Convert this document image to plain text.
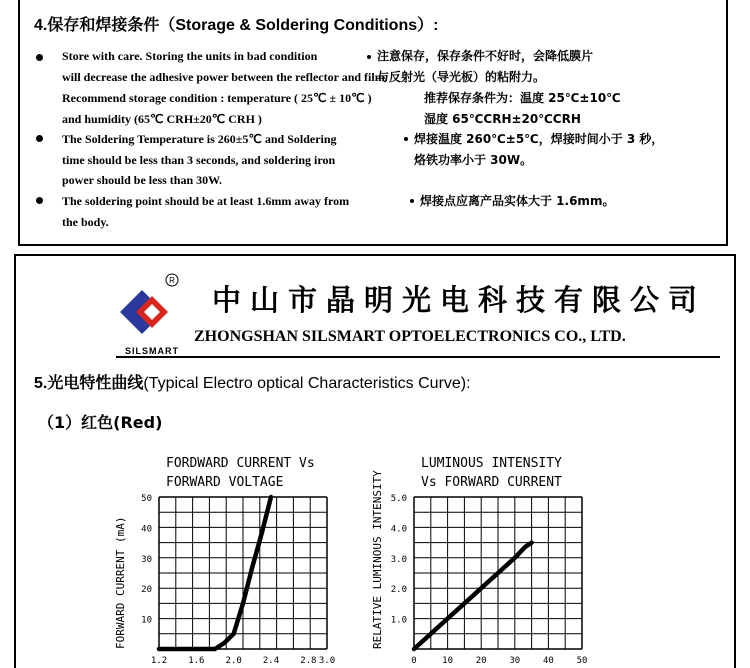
4.保存和焊接条件（Storage & Soldering Conditions）:
Store with care. Storing the units in bad condition
will decrease the adhesive power between the reflector and film.
注意保存，保存条件不好时，会降低膜片
与反射光（导光板）的粘附力。
Recommend storage condition : temperature ( 25℃ ± 10℃ )
and humidity (65℃ CRH±20℃ CRH )
推荐保存条件为：温度 25℃±10℃
湿度 65℃CRH±20℃CRH
The Soldering Temperature is 260±5℃ and Soldering
time should be less than 3 seconds, and soldering iron
power should be less than 30W.
焊接温度 260℃±5℃，焊接时间小于 3 秒，
烙铁功率小于 30W。
The soldering point should be at least 1.6mm away from
the body.
焊接点应离产品实体大于 1.6mm。
R
SILSMART
中山市晶明光电科技有限公司
ZHONGSHAN SILSMART OPTOELECTRONICS CO., LTD.
5.光电特性曲线(Typical Electro optical Characteristics Curve):
（1）红色(Red)
FORDWARD CURRENT Vs
FORWARD VOLTAGE
FORWARD CURRENT (mA)
50
40
30
20
10
1.2 1.6 2.0 2.4 2.8 3.0
LUMINOUS INTENSITY
Vs FORWARD CURRENT
RELATIVE LUMINOUS INTENSITY 5.0
4.0
3.0
2.0
1.0
0	10	20	30	40	50
